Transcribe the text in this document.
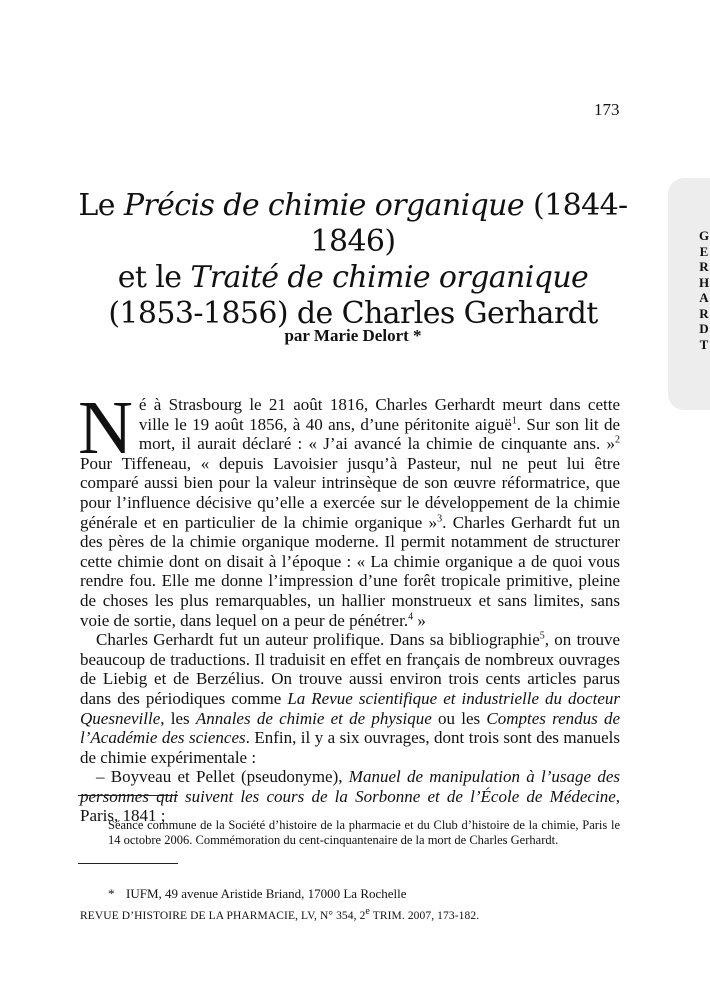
173
G
E
R
H
A
R
D
T
Le Précis de chimie organique (1844-1846)
et le Traité de chimie organique
(1853-1856) de Charles Gerhardt
par Marie Delort *

Né à Strasbourg le 21 août 1816, Charles Gerhardt meurt dans cette ville le 19 août 1856, à 40 ans, d’une péritonite aiguë$^1$. Sur son lit de mort, il aurait déclaré : « J’ai avancé la chimie de cinquante ans. »$^2$ Pour Tiffeneau, « depuis Lavoisier jusqu’à Pasteur, nul ne peut lui être comparé aussi bien pour la valeur intrinsèque de son œuvre réformatrice, que pour l’influence décisive qu’elle a exercée sur le développement de la chimie générale et en particulier de la chimie organique »$^3$. Charles Gerhardt fut un des pères de la chimie organique moderne. Il permit notamment de structurer cette chimie dont on disait à l’époque : « La chimie organique a de quoi vous rendre fou. Elle me donne l’impression d’une forêt tropicale primitive, pleine de choses les plus remarquables, un hallier monstrueux et sans limites, sans voie de sortie, dans lequel on a peur de pénétrer.$^4$ »

Charles Gerhardt fut un auteur prolifique. Dans sa bibliographie$^5$, on trouve beaucoup de traductions. Il traduisit en effet en français de nombreux ouvrages de Liebig et de Berzélius. On trouve aussi environ trois cents articles parus dans des périodiques comme La Revue scientifique et industrielle du docteur Quesneville, les Annales de chimie et de physique ou les Comptes rendus de l’Académie des sciences. Enfin, il y a six ouvrages, dont trois sont des manuels de chimie expérimentale :

– Boyveau et Pellet (pseudonyme), Manuel de manipulation à l’usage des personnes qui suivent les cours de la Sorbonne et de l’École de Médecine, Paris, 1841 ;

Séance commune de la Société d’histoire de la pharmacie et du Club d’histoire de la chimie, Paris le 14 octobre 2006. Commémoration du cent-cinquantenaire de la mort de Charles Gerhardt.
* IUFM, 49 avenue Aristide Briand, 17000 La Rochelle
REVUE D’HISTOIRE DE LA PHARMACIE, LV, N° 354, 2e TRIM. 2007, 173-182.
